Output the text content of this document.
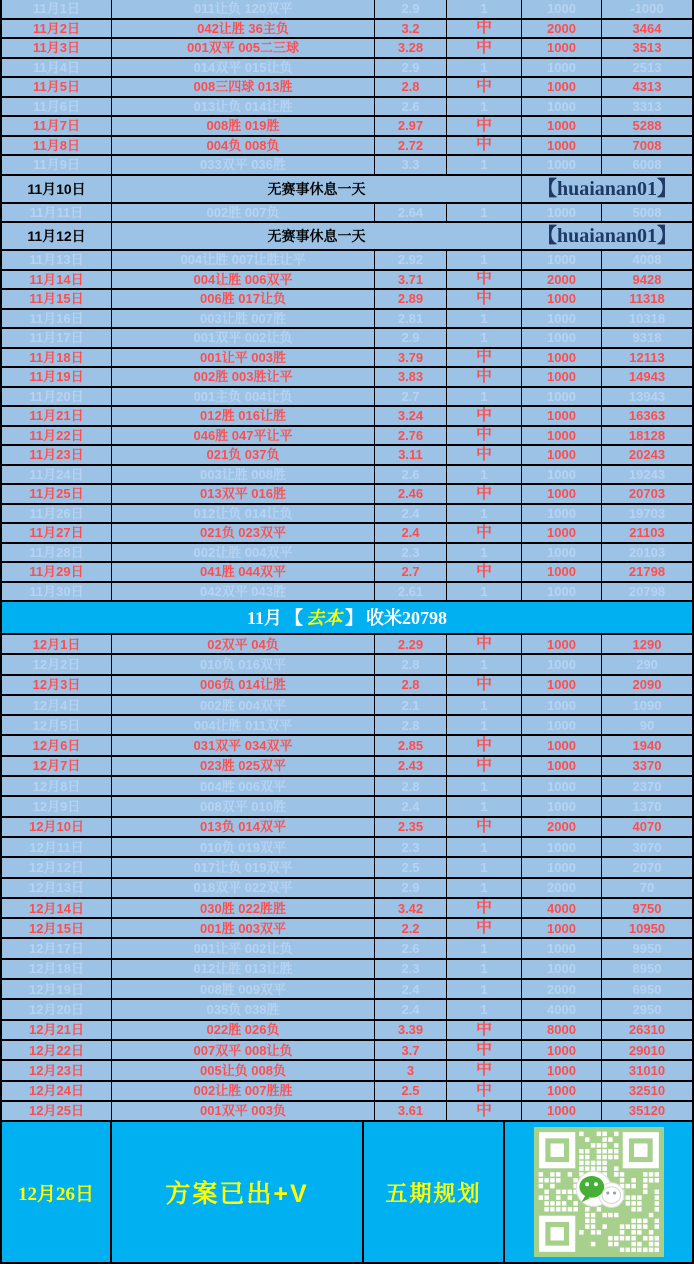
11月1日	011让负 120双平	2.9	1	1000	-1000
11月2日	042让胜 36主负	3.2	中	2000	3464
11月3日	001双平 005二三球	3.28	中	1000	3513
11月4日	014双平 015让负	2.9	1	1000	2513
11月5日	008三四球 013胜	2.8	中	1000	4313
11月6日	013让负 014让胜	2.6	1	1000	3313
11月7日	008胜 019胜	2.97	中	1000	5288
11月8日	004负 008负	2.72	中	1000	7008
11月9日	033双平 036胜	3.3	1	1000	6008
11月10日	无赛事休息一天	【huaianan01】
11月11日	002胜 007负	2.64	1	1000	5008
11月12日	无赛事休息一天	【huaianan01】
11月13日	004让胜 007让胜让平	2.92	1	1000	4008
11月14日	004让胜 006双平	3.71	中	2000	9428
11月15日	006胜 017让负	2.89	中	1000	11318
11月16日	003让胜 007胜	2.81	1	1000	10318
11月17日	001双平 002让负	2.9	1	1000	9318
11月18日	001让平 003胜	3.79	中	1000	12113
11月19日	002胜 003胜让平	3.83	中	1000	14943
11月20日	001主负 004让负	2.7	1	1000	13943
11月21日	012胜 016让胜	3.24	中	1000	16363
11月22日	046胜 047平让平	2.76	中	1000	18128
11月23日	021负 037负	3.11	中	1000	20243
11月24日	003让胜 008胜	2.6	1	1000	19243
11月25日	013双平 016胜	2.46	中	1000	20703
11月26日	012让负 014让负	2.4	1	1000	19703
11月27日	021负 023双平	2.4	中	1000	21103
11月28日	002让胜 004双平	2.3	1	1000	20103
11月29日	041胜 044双平	2.7	中	1000	21798
11月30日	042双平 043胜	2.61	1	1000	20798
11月 【 去本 】 收米20798
12月1日	02双平 04负	2.29	中	1000	1290
12月2日	010负 016双平	2.8	1	1000	290
12月3日	006负 014让胜	2.8	中	1000	2090
12月4日	002胜 004双平	2.1	1	1000	1090
12月5日	004让胜 011双平	2.8	1	1000	90
12月6日	031双平 034双平	2.85	中	1000	1940
12月7日	023胜 025双平	2.43	中	1000	3370
12月8日	004胜 006双平	2.8	1	1000	2370
12月9日	008双平 010胜	2.4	1	1000	1370
12月10日	013负 014双平	2.35	中	2000	4070
12月11日	010负 019双平	2.3	1	1000	3070
12月12日	017让负 019双平	2.5	1	1000	2070
12月13日	018双平 022双平	2.9	1	2000	70
12月14日	030胜 022胜胜	3.42	中	4000	9750
12月15日	001胜 003双平	2.2	中	1000	10950
12月17日	001让平 002让负	2.6	1	1000	9950
12月18日	012让胜 013让胜	2.3	1	1000	8950
12月19日	008胜 009双平	2.4	1	2000	6950
12月20日	035负 038胜	2.4	1	4000	2950
12月21日	022胜 026负	3.39	中	8000	26310
12月22日	007双平 008让负	3.7	中	1000	29010
12月23日	005让负 008负	3	中	1000	31010
12月24日	002让胜 007胜胜	2.5	中	1000	32510
12月25日	001双平 003负	3.61	中	1000	35120
12月26日	方案已出+V	五期规划
